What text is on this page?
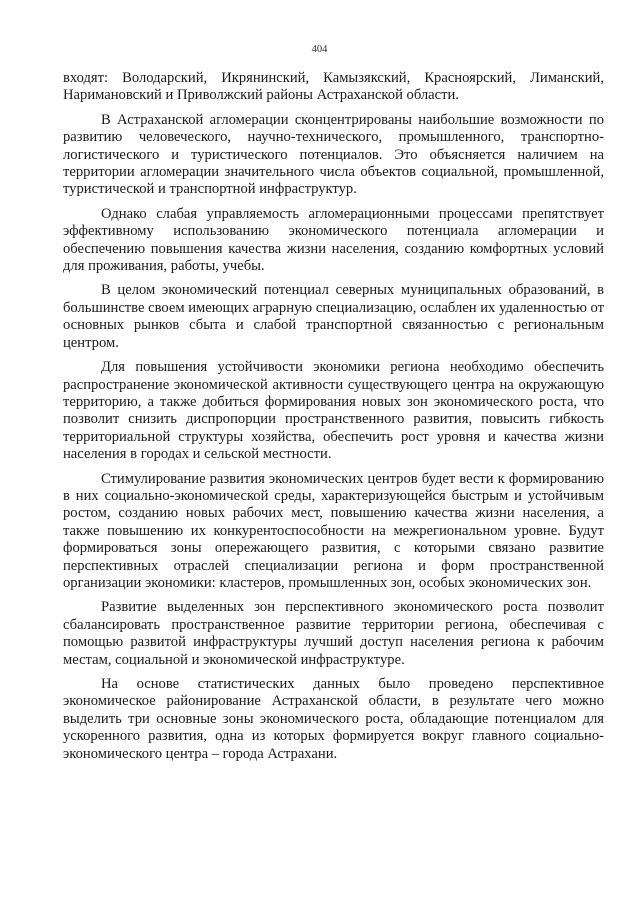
404

входят: Володарский, Икрянинский, Камызякский, Красноярский, Лиманский, Наримановский и Приволжский районы Астраханской области.

В Астраханской агломерации сконцентрированы наибольшие возможности по развитию человеческого, научно-технического, промышленного, транспортно-логистического и туристического потенциалов. Это объясняется наличием на территории агломерации значительного числа объектов социальной, промышленной, туристической и транспортной инфраструктур.

Однако слабая управляемость агломерационными процессами препятствует эффективному использованию экономического потенциала агломерации и обеспечению повышения качества жизни населения, созданию комфортных условий для проживания, работы, учебы.

В целом экономический потенциал северных муниципальных образований, в большинстве своем имеющих аграрную специализацию, ослаблен их удаленностью от основных рынков сбыта и слабой транспортной связанностью с региональным центром.

Для повышения устойчивости экономики региона необходимо обеспечить распространение экономической активности существующего центра на окружающую территорию, а также добиться формирования новых зон экономического роста, что позволит снизить диспропорции пространственного развития, повысить гибкость территориальной структуры хозяйства, обеспечить рост уровня и качества жизни населения в городах и сельской местности.

Стимулирование развития экономических центров будет вести к формированию в них социально-экономической среды, характеризующейся быстрым и устойчивым ростом, созданию новых рабочих мест, повышению качества жизни населения, а также повышению их конкурентоспособности на межрегиональном уровне. Будут формироваться зоны опережающего развития, с которыми связано развитие перспективных отраслей специализации региона и форм пространственной организации экономики: кластеров, промышленных зон, особых экономических зон.

Развитие выделенных зон перспективного экономического роста позволит сбалансировать пространственное развитие территории региона, обеспечивая с помощью развитой инфраструктуры лучший доступ населения региона к рабочим местам, социальной и экономической инфраструктуре.

На основе статистических данных было проведено перспективное экономическое районирование Астраханской области, в результате чего можно выделить три основные зоны экономического роста, обладающие потенциалом для ускоренного развития, одна из которых формируется вокруг главного социально-экономического центра – города Астрахани.
